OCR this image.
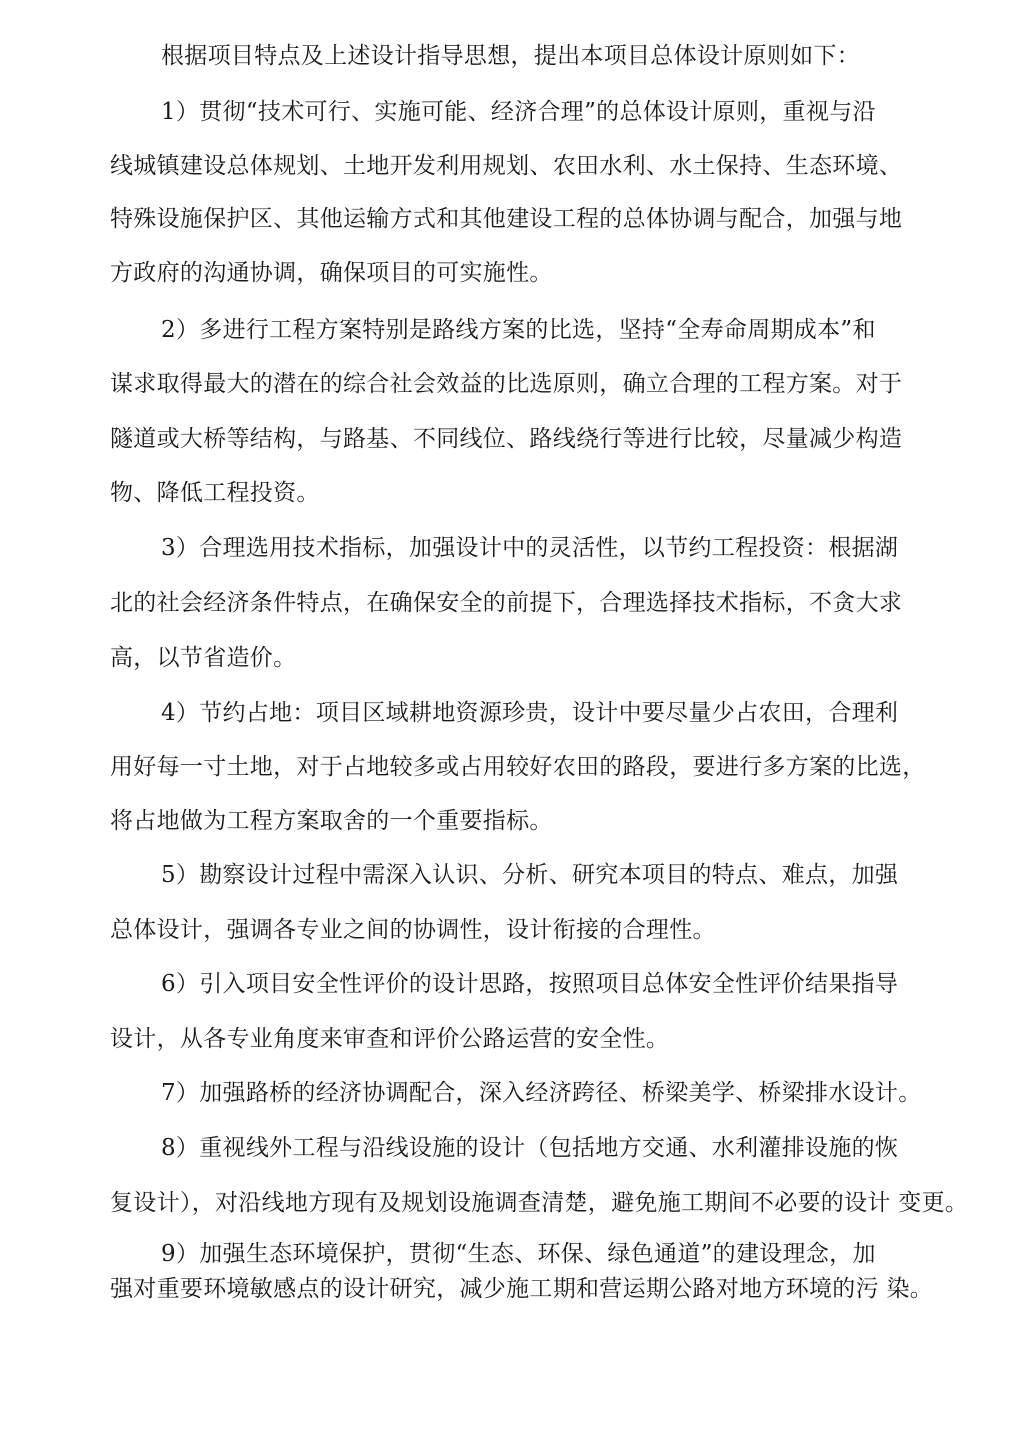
根据项目特点及上述设计指导思想，提出本项目总体设计原则如下：
1）贯彻“技术可行、实施可能、经济合理”的总体设计原则，重视与沿
线城镇建设总体规划、土地开发利用规划、农田水利、水土保持、生态环境、
特殊设施保护区、其他运输方式和其他建设工程的总体协调与配合，加强与地
方政府的沟通协调，确保项目的可实施性。
2）多进行工程方案特别是路线方案的比选，坚持“全寿命周期成本”和
谋求取得最大的潜在的综合社会效益的比选原则，确立合理的工程方案。对于
隧道或大桥等结构，与路基、不同线位、路线绕行等进行比较，尽量减少构造
物、降低工程投资。
3）合理选用技术指标，加强设计中的灵活性，以节约工程投资：根据湖
北的社会经济条件特点，在确保安全的前提下，合理选择技术指标，不贪大求
高，以节省造价。
4）节约占地：项目区域耕地资源珍贵，设计中要尽量少占农田，合理利
用好每一寸土地，对于占地较多或占用较好农田的路段，要进行多方案的比选，
将占地做为工程方案取舍的一个重要指标。
5）勘察设计过程中需深入认识、分析、研究本项目的特点、难点，加强
总体设计，强调各专业之间的协调性，设计衔接的合理性。
6）引入项目安全性评价的设计思路，按照项目总体安全性评价结果指导
设计，从各专业角度来审查和评价公路运营的安全性。
7）加强路桥的经济协调配合，深入经济跨径、桥梁美学、桥梁排水设计。
8）重视线外工程与沿线设施的设计（包括地方交通、水利灌排设施的恢
复设计），对沿线地方现有及规划设施调查清楚，避免施工期间不必要的设计 变更。
9）加强生态环境保护，贯彻“生态、环保、绿色通道”的建设理念，加
强对重要环境敏感点的设计研究，减少施工期和营运期公路对地方环境的污 染。
